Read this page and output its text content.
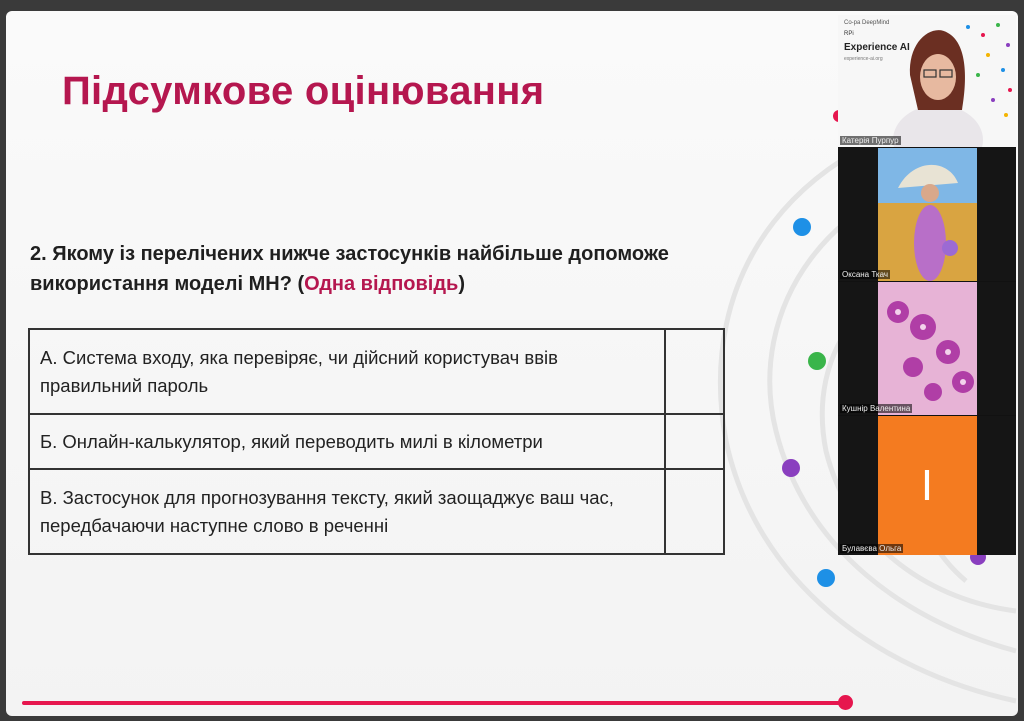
Підсумкове оцінювання
2. Якому із перелічених нижче застосунків найбільше допоможе використання моделі МН? (Одна відповідь)
А. Система входу, яка перевіряє, чи дійсний користувач ввів правильний пароль	
Б. Онлайн-калькулятор, який переводить милі в кілометри	
В. Застосунок для прогнозування тексту, який заощаджує ваш час, передбачаючи наступне слово в реченні	
Co-pa DeepMind
RPi
Experience AI
experience-ai.org
Катерія Пурпур
Оксана Ткач
Кушнір Валентина
І
Булавєва Ольга
